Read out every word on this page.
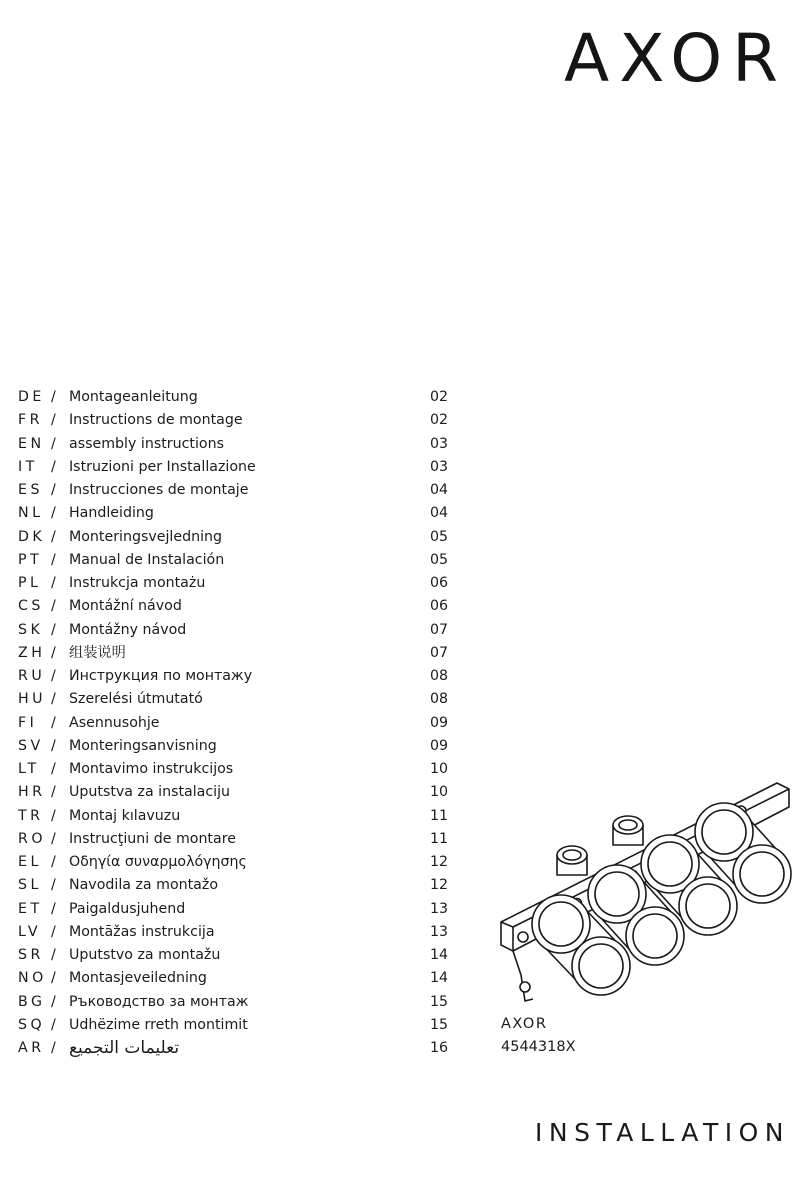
AXOR
DE / Montageanleitung	02
FR / Instructions de montage	02
EN / assembly instructions	03
IT / Istruzioni per Installazione	03
ES / Instrucciones de montaje	04
NL / Handleiding	04
DK / Monteringsvejledning	05
PT / Manual de Instalación	05
PL / Instrukcja montażu	06
CS / Montážní návod	06
SK / Montážny návod	07
ZH / 组装说明	07
RU / Инструкция по монтажу	08
HU / Szerelési útmutató	08
FI / Asennusohje	09
SV / Monteringsanvisning	09
LT / Montavimo instrukcijos	10
HR / Uputstva za instalaciju	10
TR / Montaj kılavuzu	11
RO / Instrucţiuni de montare	11
EL / Οδηγία συναρμολόγησης	12
SL / Navodila za montažo	12
ET / Paigaldusjuhend	13
LV / Montāžas instrukcija	13
SR / Uputstvo za montažu	14
NO / Montasjeveiledning	14
BG / Ръководство за монтаж	15
SQ / Udhëzime rreth montimit	15
AR / تعليمات التجميع	16
AXOR
4544318X
INSTALLATION
